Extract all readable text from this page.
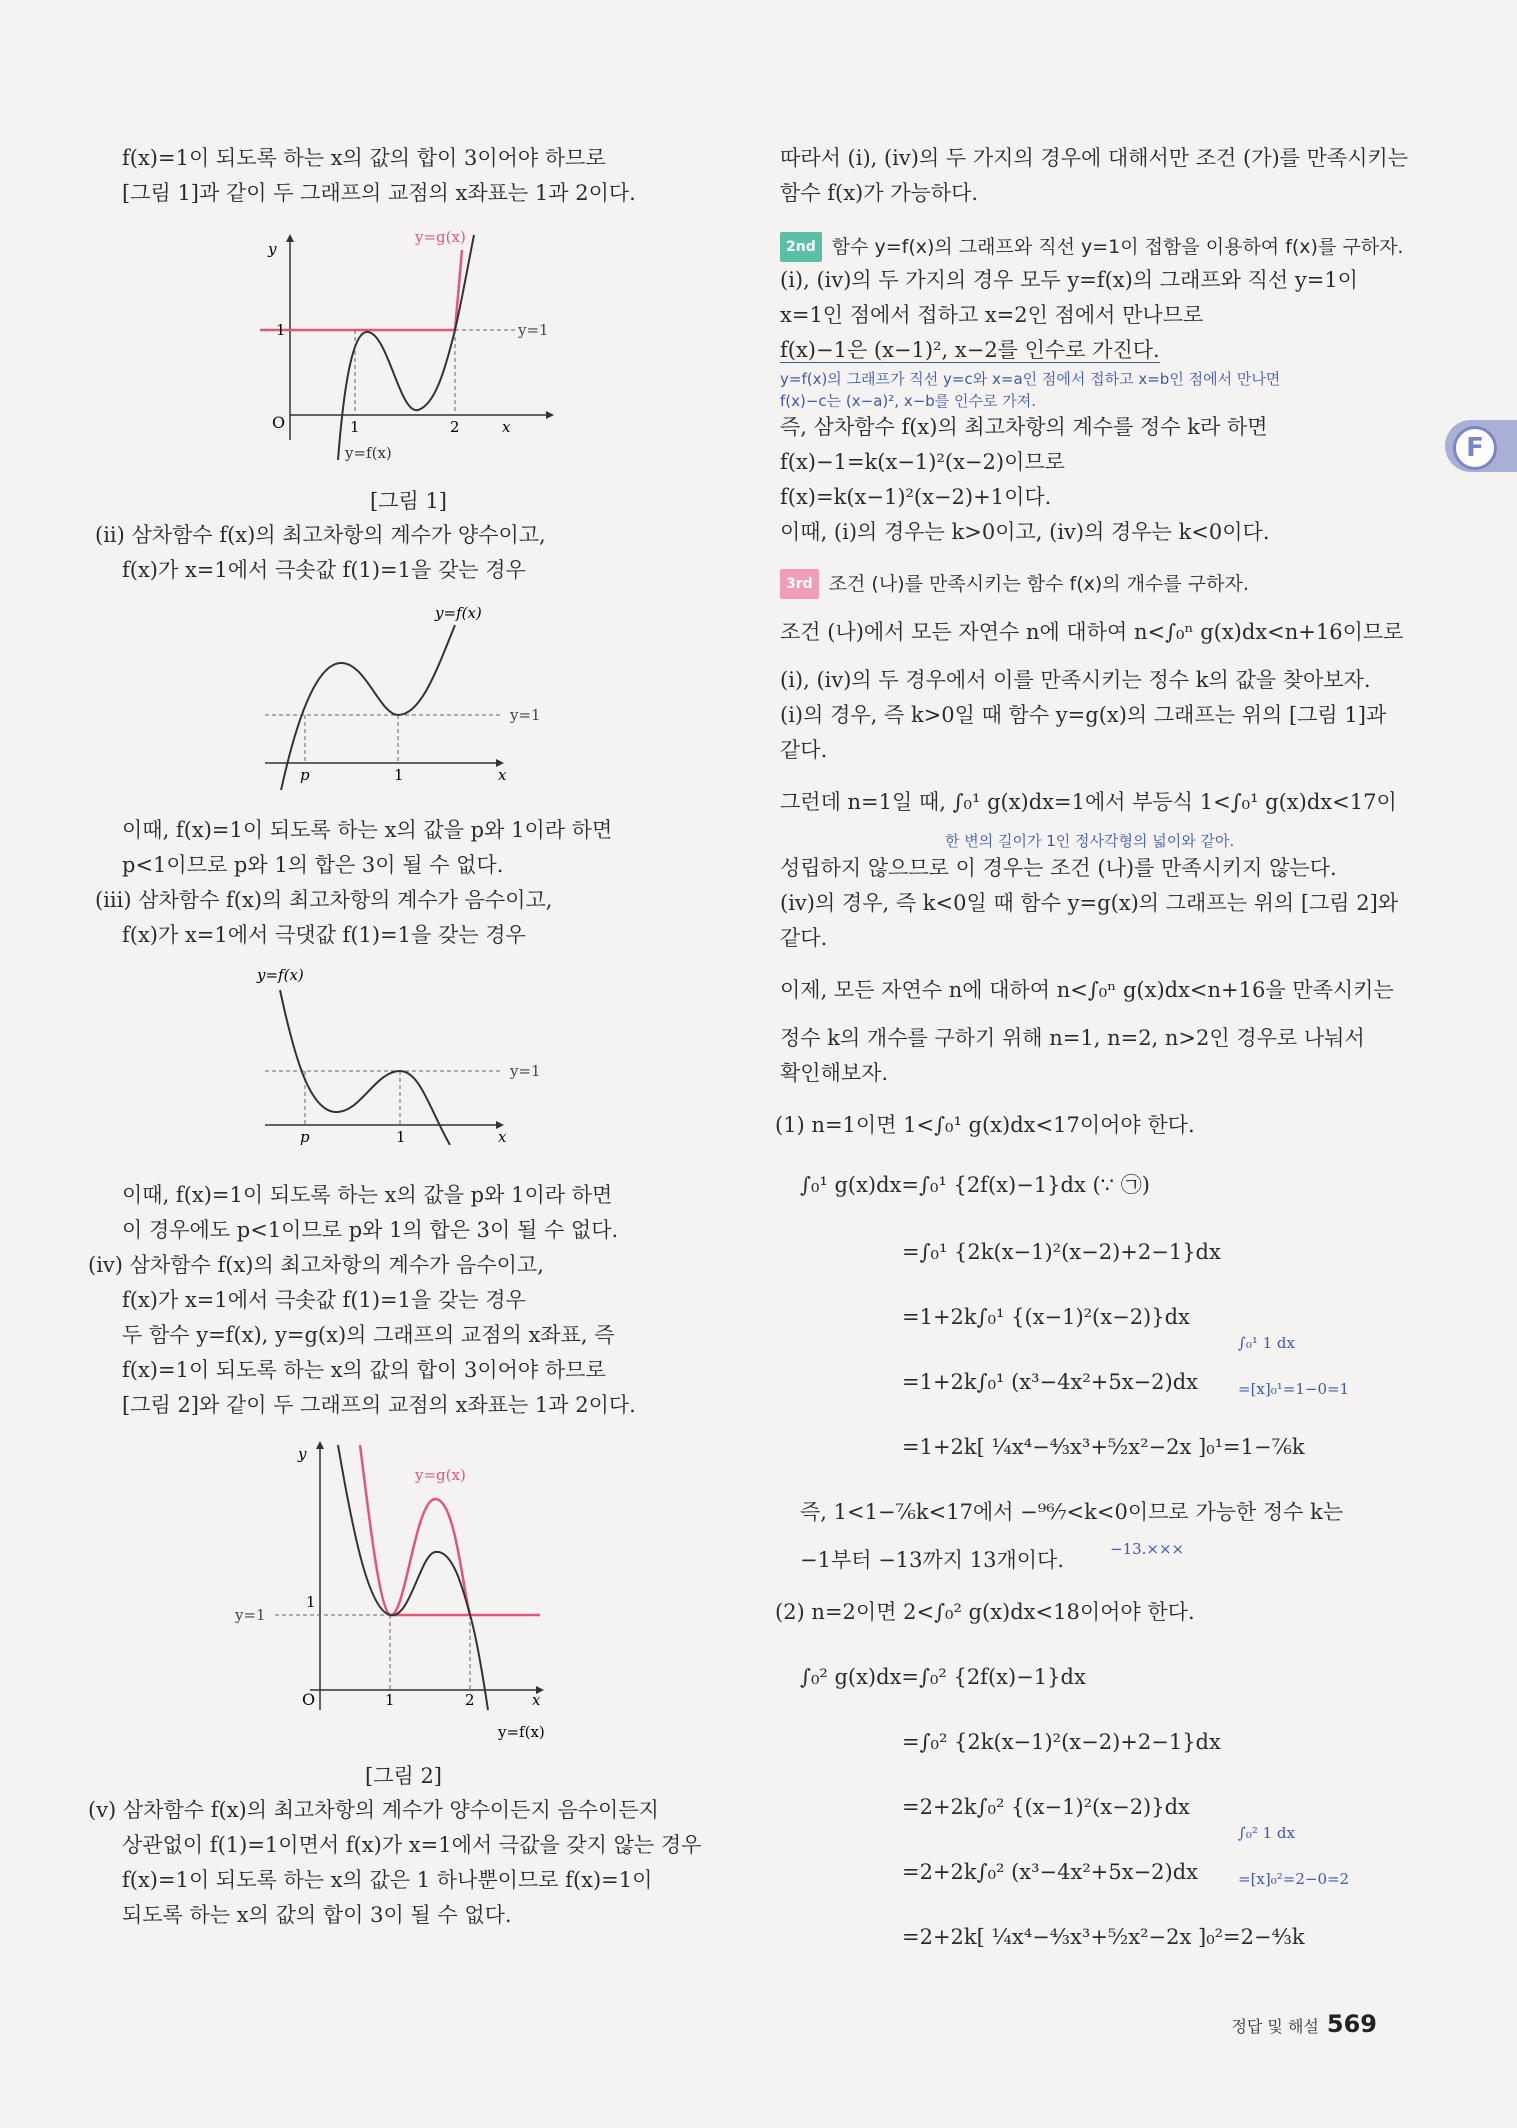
f(x)=1이 되도록 하는 x의 값의 합이 3이어야 하므로
[그림 1]과 같이 두 그래프의 교점의 x좌표는 1과 2이다.
y
1
O	1	2	x
y=1
y=g(x)
y=f(x)
[그림 1]
(ii) 삼차함수 f(x)의 최고차항의 계수가 양수이고,
f(x)가 x=1에서 극솟값 f(1)=1을 갖는 경우
y=f(x)
y=1
p	1	x
이때, f(x)=1이 되도록 하는 x의 값을 p와 1이라 하면
p<1이므로 p와 1의 합은 3이 될 수 없다.
(iii) 삼차함수 f(x)의 최고차항의 계수가 음수이고,
f(x)가 x=1에서 극댓값 f(1)=1을 갖는 경우
y=f(x)
y=1
p	1	x
이때, f(x)=1이 되도록 하는 x의 값을 p와 1이라 하면
이 경우에도 p<1이므로 p와 1의 합은 3이 될 수 없다.
(iv) 삼차함수 f(x)의 최고차항의 계수가 음수이고,
f(x)가 x=1에서 극솟값 f(1)=1을 갖는 경우
두 함수 y=f(x), y=g(x)의 그래프의 교점의 x좌표, 즉
f(x)=1이 되도록 하는 x의 값의 합이 3이어야 하므로
[그림 2]와 같이 두 그래프의 교점의 x좌표는 1과 2이다.
y
1
y=1
O	1	2	x
y=g(x)
y=f(x)
[그림 2]
(v) 삼차함수 f(x)의 최고차항의 계수가 양수이든지 음수이든지
상관없이 f(1)=1이면서 f(x)가 x=1에서 극값을 갖지 않는 경우
f(x)=1이 되도록 하는 x의 값은 1 하나뿐이므로 f(x)=1이
되도록 하는 x의 값의 합이 3이 될 수 없다.
따라서 (i), (iv)의 두 가지의 경우에 대해서만 조건 (가)를 만족시키는
함수 f(x)가 가능하다.
2nd 함수 y=f(x)의 그래프와 직선 y=1이 접함을 이용하여 f(x)를 구하자.
(i), (iv)의 두 가지의 경우 모두 y=f(x)의 그래프와 직선 y=1이
x=1인 점에서 접하고 x=2인 점에서 만나므로
f(x)−1은 (x−1)², x−2를 인수로 가진다.
y=f(x)의 그래프가 직선 y=c와 x=a인 점에서 접하고 x=b인 점에서 만나면
f(x)−c는 (x−a)², x−b를 인수로 가져.
즉, 삼차함수 f(x)의 최고차항의 계수를 정수 k라 하면
f(x)−1=k(x−1)²(x−2)이므로
f(x)=k(x−1)²(x−2)+1이다.
이때, (i)의 경우는 k>0이고, (iv)의 경우는 k<0이다.
3rd 조건 (나)를 만족시키는 함수 f(x)의 개수를 구하자.
조건 (나)에서 모든 자연수 n에 대하여 n<∫₀ⁿ g(x)dx<n+16이므로
(i), (iv)의 두 경우에서 이를 만족시키는 정수 k의 값을 찾아보자.
(i)의 경우, 즉 k>0일 때 함수 y=g(x)의 그래프는 위의 [그림 1]과
같다.
그런데 n=1일 때, ∫₀¹ g(x)dx=1에서 부등식 1<∫₀¹ g(x)dx<17이
한 변의 길이가 1인 정사각형의 넓이와 같아.
성립하지 않으므로 이 경우는 조건 (나)를 만족시키지 않는다.
(iv)의 경우, 즉 k<0일 때 함수 y=g(x)의 그래프는 위의 [그림 2]와
같다.
이제, 모든 자연수 n에 대하여 n<∫₀ⁿ g(x)dx<n+16을 만족시키는
정수 k의 개수를 구하기 위해 n=1, n=2, n>2인 경우로 나눠서
확인해보자.
(1) n=1이면 1<∫₀¹ g(x)dx<17이어야 한다.
∫₀¹ g(x)dx=∫₀¹ {2f(x)−1}dx (∵ ㉠)
=∫₀¹ {2k(x−1)²(x−2)+2−1}dx
=1+2k∫₀¹ {(x−1)²(x−2)}dx
∫₀¹ 1 dx
=1+2k∫₀¹ (x³−4x²+5x−2)dx	=[x]₀¹=1−0=1
=1+2k[ ¼x⁴−⁴⁄₃x³+⁵⁄₂x²−2x ]₀¹=1−⁷⁄₆k
즉, 1<1−⁷⁄₆k<17에서 −⁹⁶⁄₇<k<0이므로 가능한 정수 k는
−1부터 −13까지 13개이다.	−13.×××
(2) n=2이면 2<∫₀² g(x)dx<18이어야 한다.
∫₀² g(x)dx=∫₀² {2f(x)−1}dx
=∫₀² {2k(x−1)²(x−2)+2−1}dx
=2+2k∫₀² {(x−1)²(x−2)}dx
∫₀² 1 dx
=2+2k∫₀² (x³−4x²+5x−2)dx	=[x]₀²=2−0=2
=2+2k[ ¼x⁴−⁴⁄₃x³+⁵⁄₂x²−2x ]₀²=2−⁴⁄₃k
F
정답 및 해설 569
